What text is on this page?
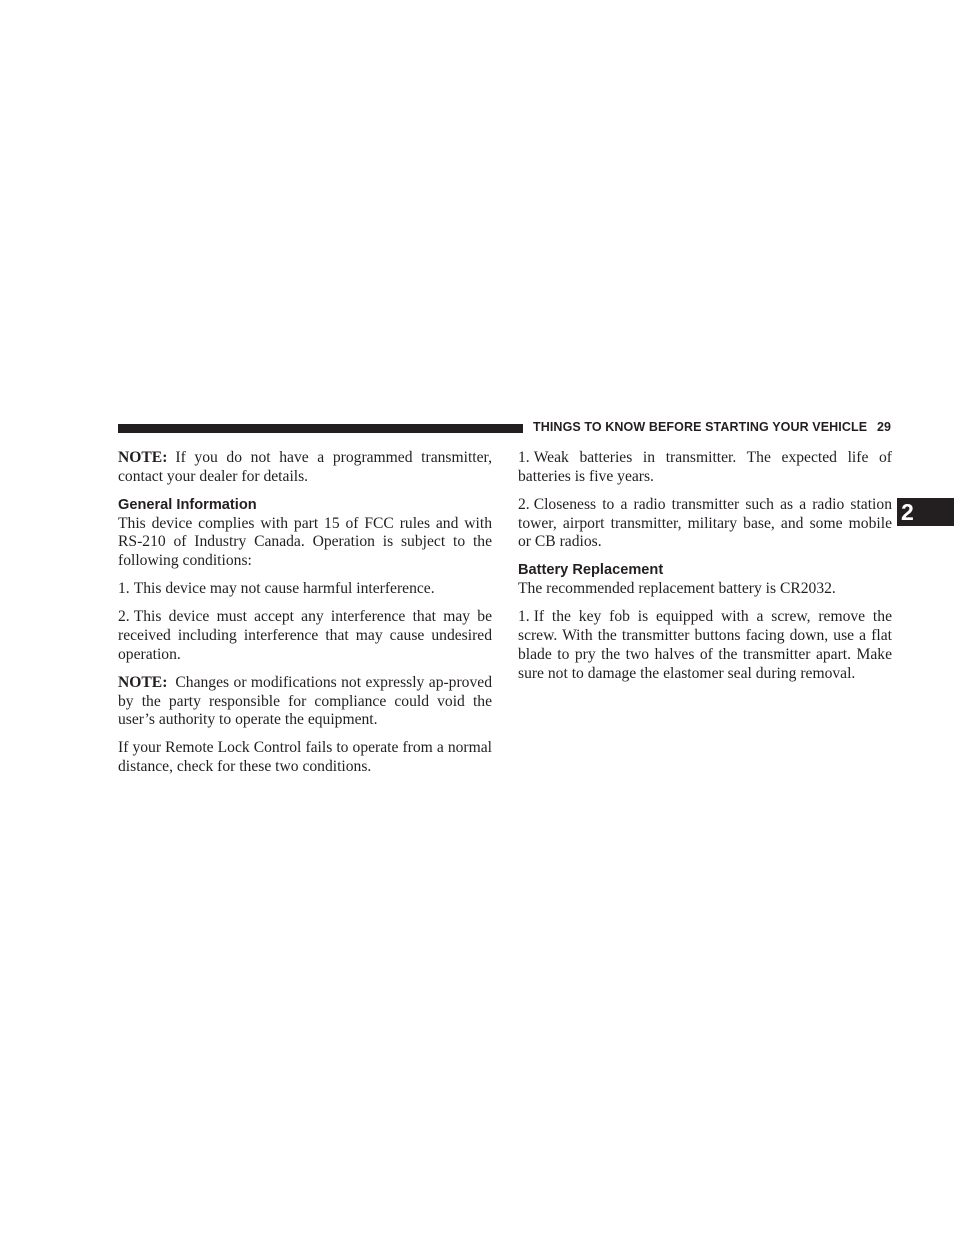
THINGS TO KNOW BEFORE STARTING YOUR VEHICLE 29
2

NOTE: If you do not have a programmed transmitter, contact your dealer for details.

General Information

This device complies with part 15 of FCC rules and with RS-210 of Industry Canada. Operation is subject to the following conditions:

1. This device may not cause harmful interference.

2. This device must accept any interference that may be received including interference that may cause undesired operation.

NOTE: Changes or modifications not expressly ap-proved by the party responsible for compliance could void the user’s authority to operate the equipment.

If your Remote Lock Control fails to operate from a normal distance, check for these two conditions.

1. Weak batteries in transmitter. The expected life of batteries is five years.

2. Closeness to a radio transmitter such as a radio station tower, airport transmitter, military base, and some mobile or CB radios.

Battery Replacement

The recommended replacement battery is CR2032.

1. If the key fob is equipped with a screw, remove the screw. With the transmitter buttons facing down, use a flat blade to pry the two halves of the transmitter apart. Make sure not to damage the elastomer seal during removal.
